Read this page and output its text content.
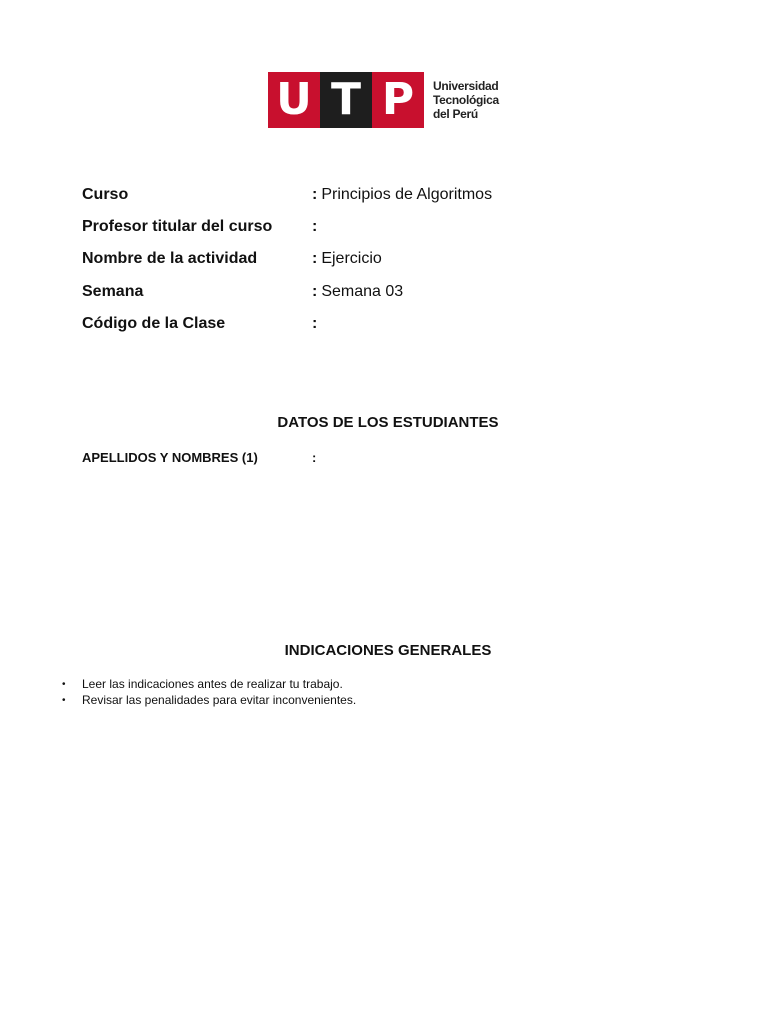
U T P	Universidad
Tecnológica
del Perú
Curso	: Principios de Algoritmos
Profesor titular del curso	:
Nombre de la actividad	: Ejercicio
Semana	: Semana 03
Código de la Clase	:
DATOS DE LOS ESTUDIANTES
APELLIDOS Y NOMBRES (1)	:
INDICACIONES GENERALES
•	Leer las indicaciones antes de realizar tu trabajo.
•	Revisar las penalidades para evitar inconvenientes.
